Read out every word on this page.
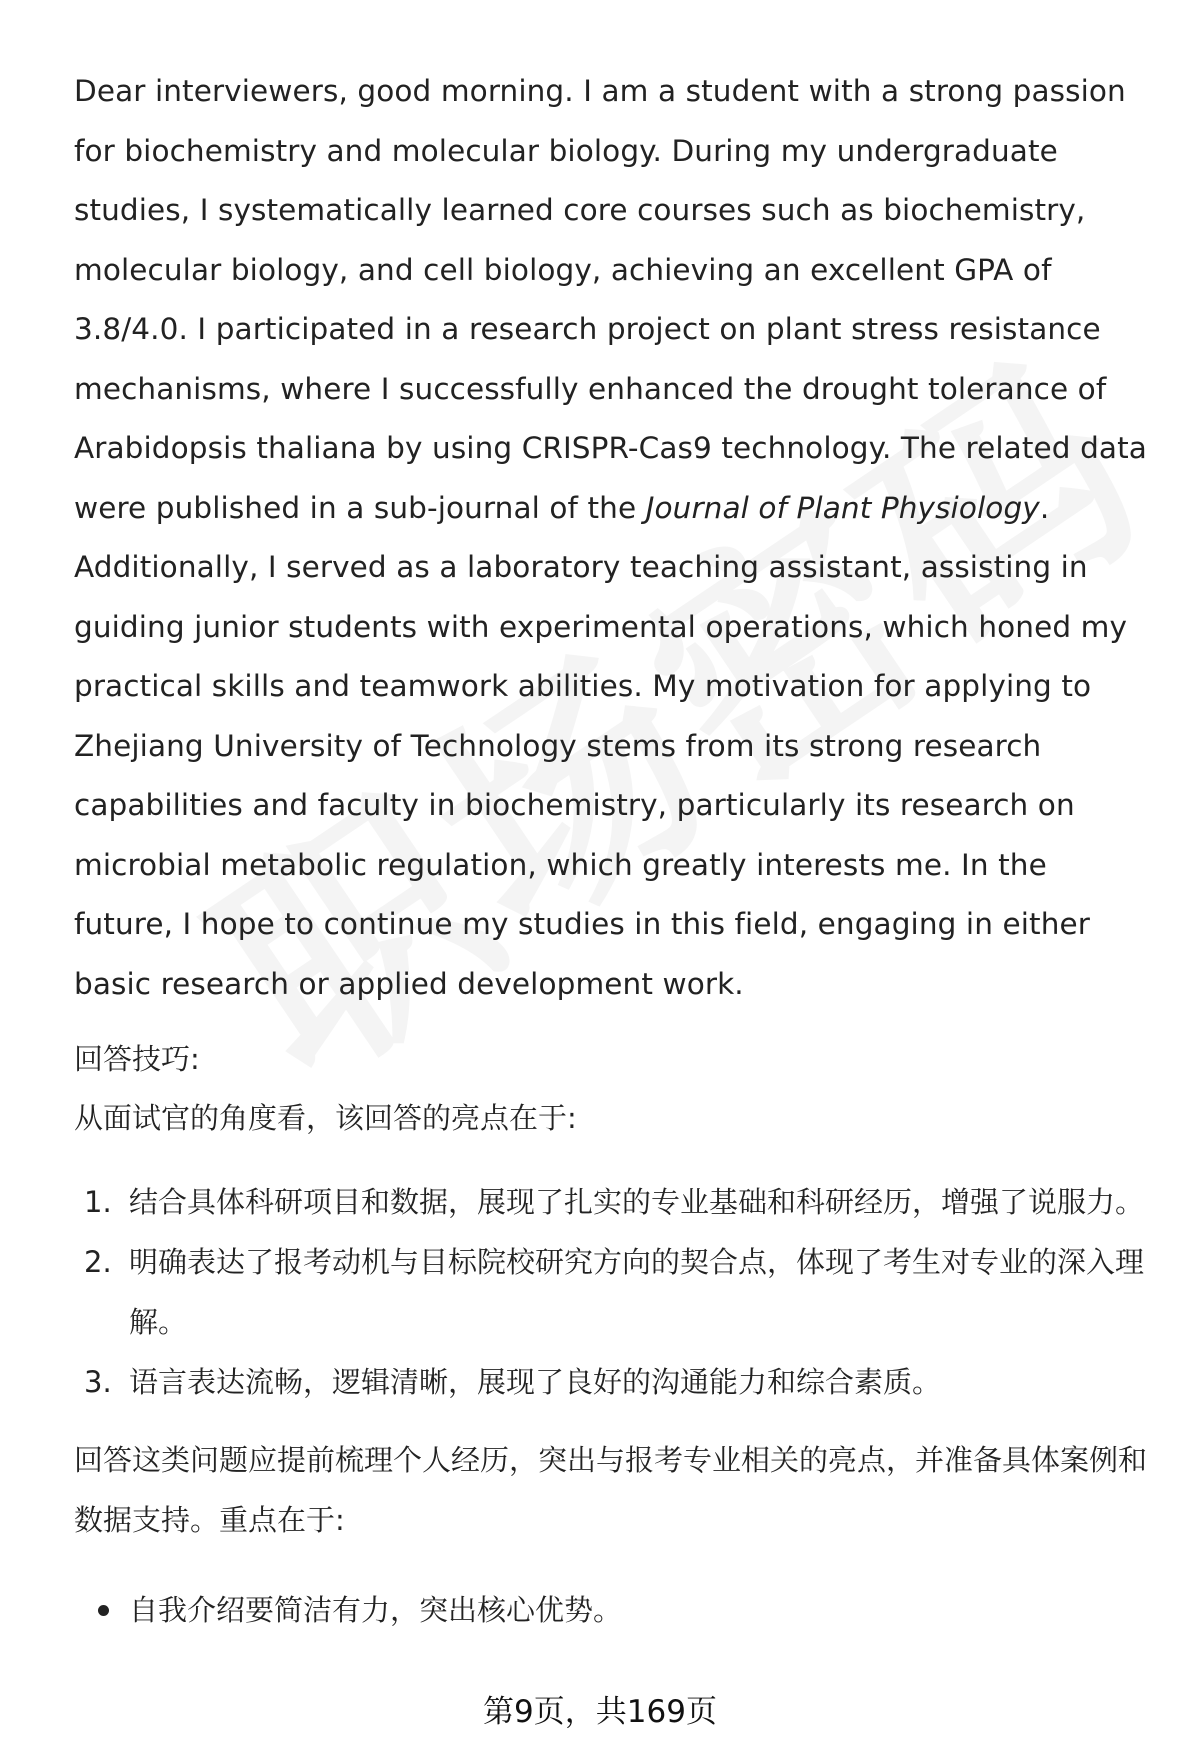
Dear interviewers, good morning. I am a student with a strong passion for biochemistry and molecular biology. During my undergraduate studies, I systematically learned core courses such as biochemistry, molecular biology, and cell biology, achieving an excellent GPA of 3.8/4.0. I participated in a research project on plant stress resistance mechanisms, where I successfully enhanced the drought tolerance of Arabidopsis thaliana by using CRISPR-Cas9 technology. The related data were published in a sub-journal of the Journal of Plant Physiology. Additionally, I served as a laboratory teaching assistant, assisting in guiding junior students with experimental operations, which honed my practical skills and teamwork abilities. My motivation for applying to Zhejiang University of Technology stems from its strong research capabilities and faculty in biochemistry, particularly its research on microbial metabolic regulation, which greatly interests me. In the future, I hope to continue my studies in this field, engaging in either basic research or applied development work.

回答技巧:

从面试官的角度看，该回答的亮点在于:

1. 结合具体科研项目和数据，展现了扎实的专业基础和科研经历，增强了说服力。
2. 明确表达了报考动机与目标院校研究方向的契合点，体现了考生对专业的深入理解。
3. 语言表达流畅，逻辑清晰，展现了良好的沟通能力和综合素质。

回答这类问题应提前梳理个人经历，突出与报考专业相关的亮点，并准备具体案例和数据支持。重点在于:

自我介绍要简洁有力，突出核心优势。
第9页，共169页
